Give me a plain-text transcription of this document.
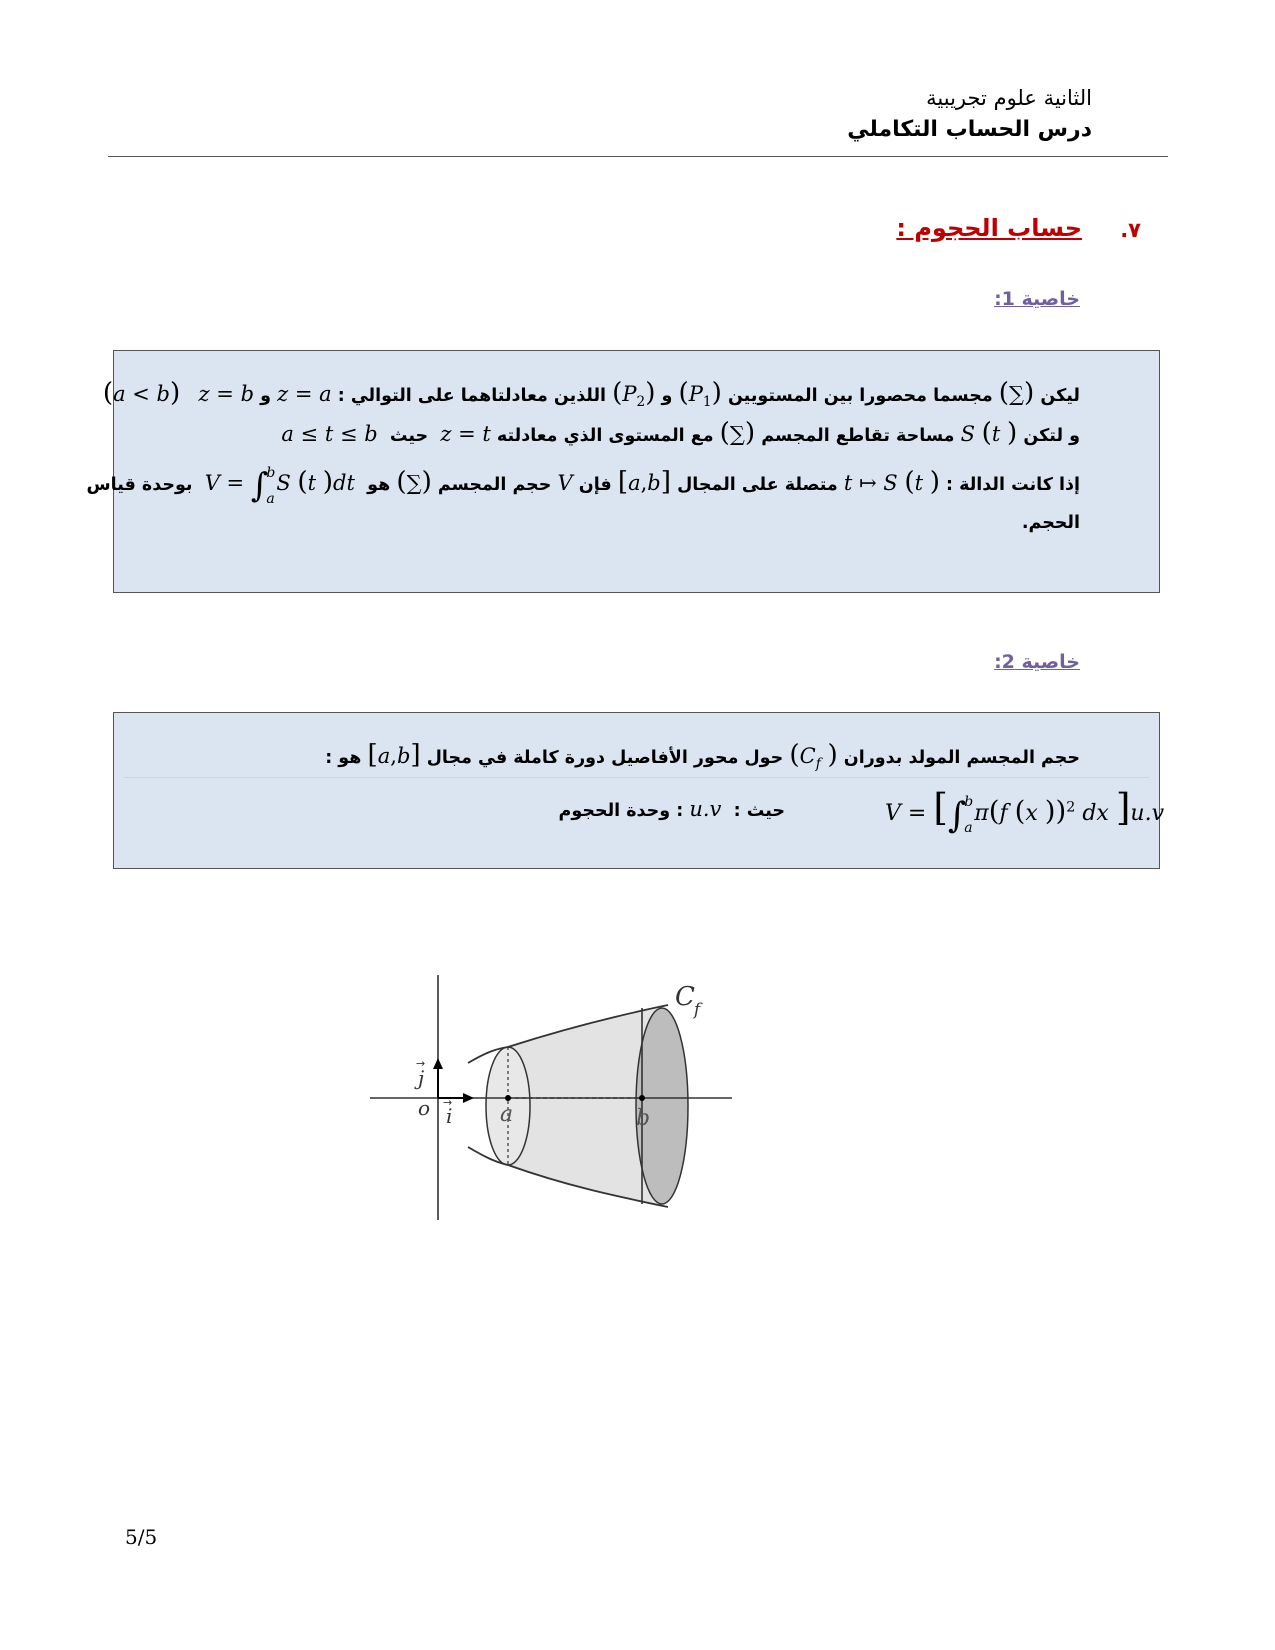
الثانية علوم تجريبية
درس الحساب التكاملي
.٧
حساب الحجوم :
خاصية 1:
ليكن (∑) مجسما محصورا بين المستويين $(P_1)$ و $(P_2)$ اللذين معادلتاهما على التوالي : z = a و z = b   (a < b)
و لتكن S (t ) مساحة تقاطع المجسم (∑) مع المستوى الذي معادلته z = t  حيث  a ≤ t ≤ b
إذا كانت الدالة : t ↦ S (t ) متصلة على المجال [a,b] فإن V حجم المجسم (∑) هو  V = ∫
b
a
S (t )dt  بوحدة قياس
الحجم.
خاصية 2:
حجم المجسم المولد بدوران ($C_f$ ) حول محور الأفاصيل دورة كاملة في مجال [a,b] هو :
حيث :  u.v : وحدة الحجوم	V = [∫
b
a
π(f (x ))$^2$ dx ]u.v
Cf
o i
→
j
→
a	b
5/5
